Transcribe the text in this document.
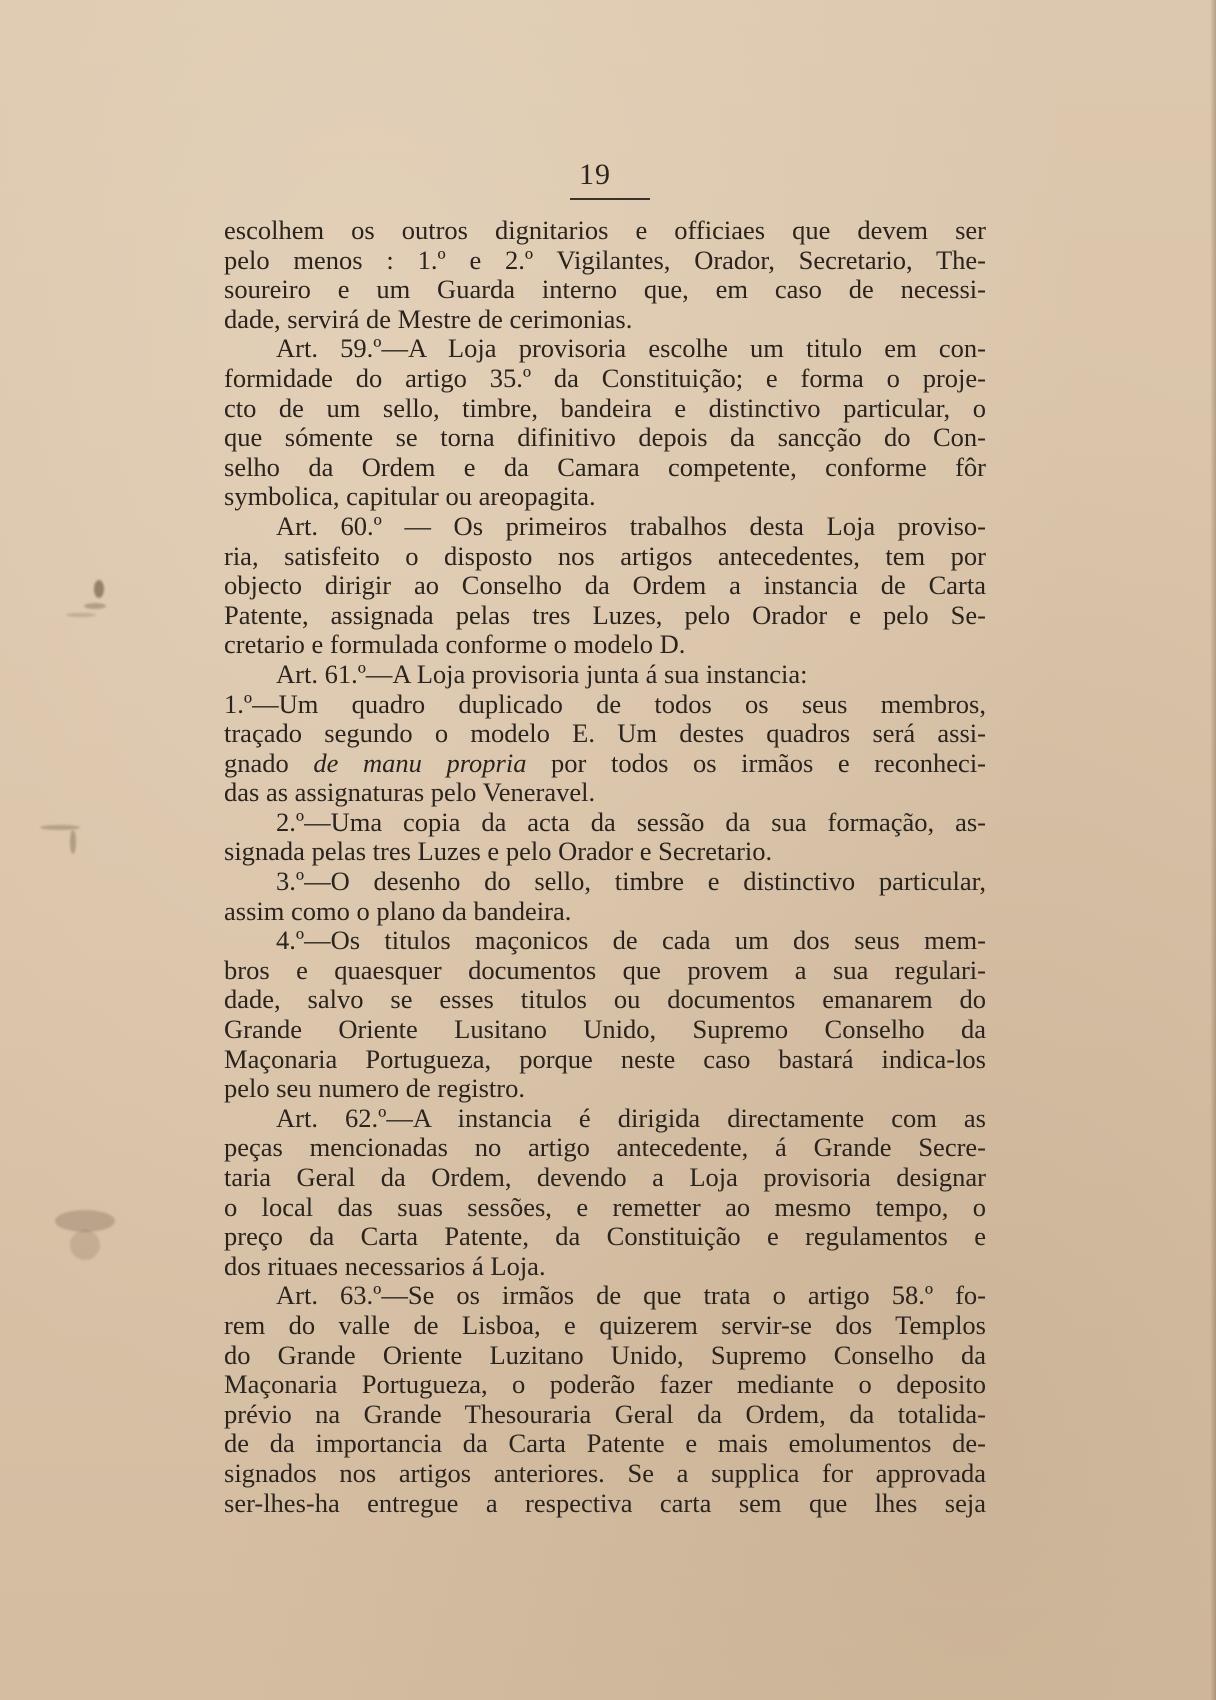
19
escolhem os outros dignitarios e officiaes que devem ser
pelo menos : 1.º e 2.º Vigilantes, Orador, Secretario, The-
soureiro e um Guarda interno que, em caso de necessi-
dade, servirá de Mestre de cerimonias.
Art. 59.º—A Loja provisoria escolhe um titulo em con-
formidade do artigo 35.º da Constituição; e forma o proje-
cto de um sello, timbre, bandeira e distinctivo particular, o
que sómente se torna difinitivo depois da sancção do Con-
selho da Ordem e da Camara competente, conforme fôr
symbolica, capitular ou areopagita.
Art. 60.º — Os primeiros trabalhos desta Loja proviso-
ria, satisfeito o disposto nos artigos antecedentes, tem por
objecto dirigir ao Conselho da Ordem a instancia de Carta
Patente, assignada pelas tres Luzes, pelo Orador e pelo Se-
cretario e formulada conforme o modelo D.
Art. 61.º—A Loja provisoria junta á sua instancia:
1.º—Um quadro duplicado de todos os seus membros,
traçado segundo o modelo E. Um destes quadros será assi-
gnado de manu propria por todos os irmãos e reconheci-
das as assignaturas pelo Veneravel.
2.º—Uma copia da acta da sessão da sua formação, as-
signada pelas tres Luzes e pelo Orador e Secretario.
3.º—O desenho do sello, timbre e distinctivo particular,
assim como o plano da bandeira.
4.º—Os titulos maçonicos de cada um dos seus mem-
bros e quaesquer documentos que provem a sua regulari-
dade, salvo se esses titulos ou documentos emanarem do
Grande Oriente Lusitano Unido, Supremo Conselho da
Maçonaria Portugueza, porque neste caso bastará indica-los
pelo seu numero de registro.
Art. 62.º—A instancia é dirigida directamente com as
peças mencionadas no artigo antecedente, á Grande Secre-
taria Geral da Ordem, devendo a Loja provisoria designar
o local das suas sessões, e remetter ao mesmo tempo, o
preço da Carta Patente, da Constituição e regulamentos e
dos rituaes necessarios á Loja.
Art. 63.º—Se os irmãos de que trata o artigo 58.º fo-
rem do valle de Lisboa, e quizerem servir-se dos Templos
do Grande Oriente Luzitano Unido, Supremo Conselho da
Maçonaria Portugueza, o poderão fazer mediante o deposito
prévio na Grande Thesouraria Geral da Ordem, da totalida-
de da importancia da Carta Patente e mais emolumentos de-
signados nos artigos anteriores. Se a supplica for approvada
ser-lhes-ha entregue a respectiva carta sem que lhes seja
